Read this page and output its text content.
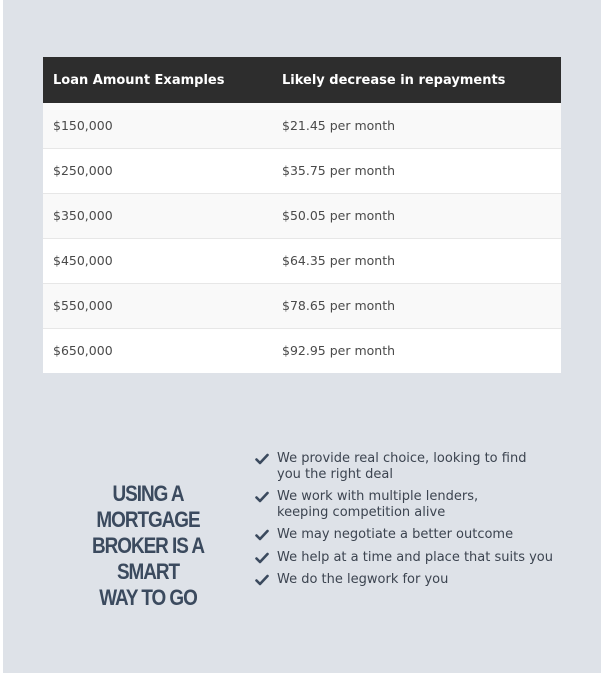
Loan Amount Examples	Likely decrease in repayments
$150,000	$21.45 per month
$250,000	$35.75 per month
$350,000	$50.05 per month
$450,000	$64.35 per month
$550,000	$78.65 per month
$650,000	$92.95 per month
USING A MORTGAGE
BROKER IS A SMART
WAY TO GO
We provide real choice, looking to find
you the right deal
We work with multiple lenders,
keeping competition alive
We may negotiate a better outcome
We help at a time and place that suits you
We do the legwork for you
